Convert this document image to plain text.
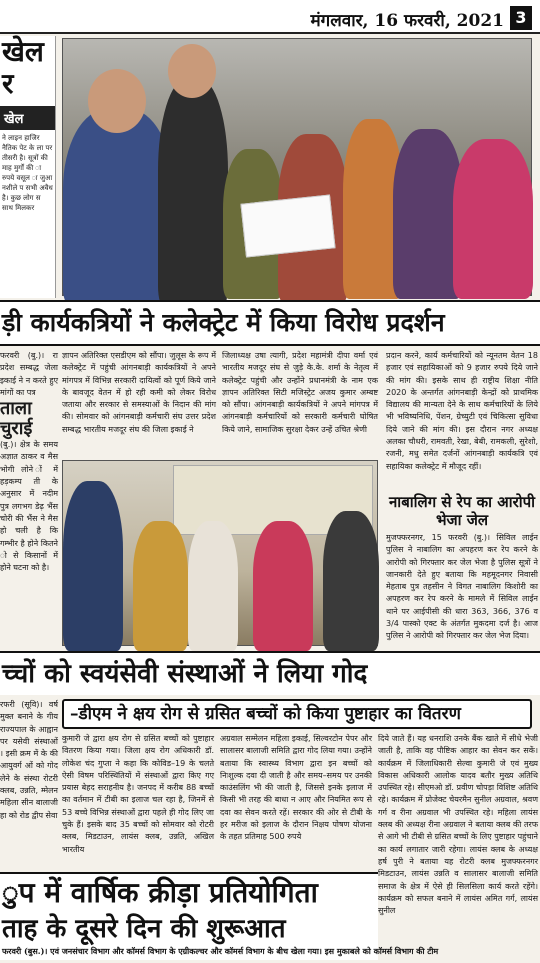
मंगलवार, 16 फरवरी, 2021 3
खेल
र
खेल
ने लाइन हाजिर नैतिक पेट के ला पर तीसरी है। सूत्रों की माह मुर्गों की ा रुपये वसूल ा जुआ नशीले प सभी अवैध है। कुछ लोग स साथ मिलकर
ड़ी कार्यकत्रियों ने कलेक्ट्रेट में किया विरोध प्रदर्शन
फरवरी (बु.)। रा प्रदेश सम्बद्ध जेला इकाई ने न करते हुए मांगों का पत्र
ताला चुराई
(बु.)। क्षेत्र के समय अज्ञात ठाकर व मैस भोगी लोने ों में हड़कम्प ती के अनुसार में नदीम पुत्र लगभग डेढ़ भैंस चोरी की भैंस ने मैस हो चली है कि गम्भीर है होने कितने ो से किसानों में होने घटना को है।
ज्ञापन अतिरिक्त एसडीएम को सौंपा। जुलूस के रूप में कलेक्ट्रेट में पहुंची आंगनबाड़ी कार्यकत्रियों ने अपने मांगपत्र में विभिन्न सरकारी दायित्वों को पूर्ण किये जाने के बावजूद वेतन में हो रही कमी को लेकर विरोध जताया और सरकार से समस्याओं के निदान की मांग की। सोमवार को आंगनबाड़ी कर्मचारी संघ उत्तर प्रदेश सम्बद्ध भारतीय मजदूर संघ की जिला इकाई ने
जिलाध्यक्ष उषा त्यागी, प्रदेश महामंत्री दीपा वर्मा एवं भारतीय मजदूर संघ से जुड़े के.के. शर्मा के नेतृत्व में कलेक्ट्रेट पहुंची और उन्होंने प्रधानमंत्री के नाम एक ज्ञापन अतिरिक्त सिटी मजिस्ट्रेट अजय कुमार अम्बष्ट को सौंपा। आंगनबाड़ी कार्यकत्रियों ने अपने मांगपत्र में आंगनबाड़ी कर्मचारियों को सरकारी कर्मचारी घोषित किये जाने, सामाजिक सुरक्षा देकर उन्हें उचित श्रेणी
प्रदान करने, कार्य कर्मचारियों को न्यूनतम वेतन 18 हजार एवं सहायिकाओं को 9 हजार रुपये दिये जाने की मांग की। इसके साथ ही राष्ट्रीय शिक्षा नीति 2020 के अन्तर्गत आंगनबाड़ी केन्द्रों को प्राथमिक विद्यालय की मान्यता देने के साथ कर्मचारियों के लिये भी भविष्यनिधि, पेंशन, ग्रेच्युटी एवं चिकित्सा सुविधा दिये जाने की मांग की। इस दौरान नगर अध्यक्ष अलका चौधरी, रामवती, रेखा, बेबी, रामकली, सुरेशो, रजनी, मधु समेत दर्जनों आंगनबाड़ी कार्यकत्रि एवं सहायिका कलेक्ट्रेट में मौजूद रहीं।
नाबालिग से रेप का आरोपी भेजा जेल
मुजफ्फरनगर, 15 फरवरी (बु.)। सिविल लाईन पुलिस ने नाबालिग का अपहरण कर रेप करने के आरोपी को गिरफ्तार कर जेल भेजा है पुलिस सूत्रों ने जानकारी देते हुए बताया कि महमूदनगर निवासी मेहताब पुत्र तहसीन ने विगत नाबालिग किशोरी का अपहरण कर रेप करने के मामले में सिविल लाईन थाने पर आईपीसी की धारा 363, 366, 376 व 3/4 पास्को एक्ट के अंतर्गत मुकदमा दर्ज है। आज पुलिस ने आरोपी को गिरफ्तार कर जेल भेज दिया।
च्चों को स्वयंसेवी संस्थाओं ने लिया गोद
–डीएम ने क्षय रोग से ग्रसित बच्चों को किया पुष्टाहार का वितरण
रफरी (सूवि)। वर्ष मुक्त बनाने के गीय राज्यपाल के आह्वान पर यसेवी संस्थाओं । इसी क्रम में के की आयुवर्ग ओं को गोद लेने के संस्था रोटरी क्लब, उन्नति, म्मेलन महिला सीन बालाजी हा को रोड द्वीप सेवा
कुमारी जे द्वारा क्षय रोग से ग्रसित बच्चों को पुष्टाहार वितरण किया गया। जिला क्षय रोग अधिकारी डॉ. लोकेश चंद गुप्ता ने कहा कि कोविड–19 के चलते ऐसी विषम परिस्थितियों में संस्थाओं द्वारा किए गए प्रयास बेहद सराहनीय है। जनपद में करीब 88 बच्चों का वर्तमान में टीबी का इलाज चल रहा है, जिनमें से 53 बच्चे विभिन्न संस्थाओं द्वारा पहले ही गोद लिए जा चुके हैं। इसके बाद 35 बच्चों को सोमवार को रोटरी क्लब, मिडटाउन, लायंस क्लब, उन्नति, अखिल भारतीय
अग्रवाल सम्मेलन महिला इकाई, सिल्वरटोन पेपर और सालासर बालाजी समिति द्वारा गोद लिया गया। उन्होंने बताया कि स्वास्थ्य विभाग द्वारा इन बच्चों को निःशुल्क दवा दी जाती है और समय–समय पर उनकी काउंसलिंग भी की जाती है, जिससे इनके इलाज में किसी भी तरह की बाधा न आए और नियमित रूप से दवा का सेवन करते रहें। सरकार की ओर से टीबी के हर मरीज को इलाज के दौरान निक्षय पोषण योजना के तहत प्रतिमाह 500 रुपये
दिये जाते हैं। यह धनराशि उनके बैंक खाते में सीधे भेजी जाती है, ताकि वह पौष्टिक आहार का सेवन कर सकें। कार्यक्रम में जिलाधिकारी सेल्वा कुमारी जे एवं मुख्य विकास अधिकारी आलोक यादव बतौर मुख्य अतिथि उपस्थित रहे। सीएमओ डॉ. प्रवीण चोपड़ा विशिष्ट अतिथि रहे। कार्यक्रम में प्रोजेक्ट चेयरमैन सुनील अग्रवाल, श्रवण गर्ग व रीना अग्रवाल भी उपस्थित रहे। महिला लायंस क्लब की अध्यक्ष रीना अग्रवाल ने बताया क्लब की तरफ से आगे भी टीबी से ग्रसित बच्चों के लिए पुष्टाहार पहुंचाने का कार्य लगातार जारी रहेगा। लायंस क्लब के अध्यक्ष हर्ष पुरी ने बताया यह रोटरी क्लब मुजफ्फरनगर मिडटाउन, लायंस उन्नति व सालासर बालाजी समिति समाज के क्षेत्र में ऐसे ही सिलसिला कार्य करते रहेंगे। कार्यक्रम को सफल बनाने में लायंस अमित गर्ग, लायंस सुनील
ुप में वार्षिक क्रीड़ा प्रतियोगिता
ताह के दूसरे दिन की शुरूआत
फरवरी (बुस.)। एवं जनसंचार विभाग और कॉमर्स विभाग के एग्रीकल्चर और कॉमर्स विभाग के बीच खेला गया। इस मुकाबले को कॉमर्स विभाग की टीम
